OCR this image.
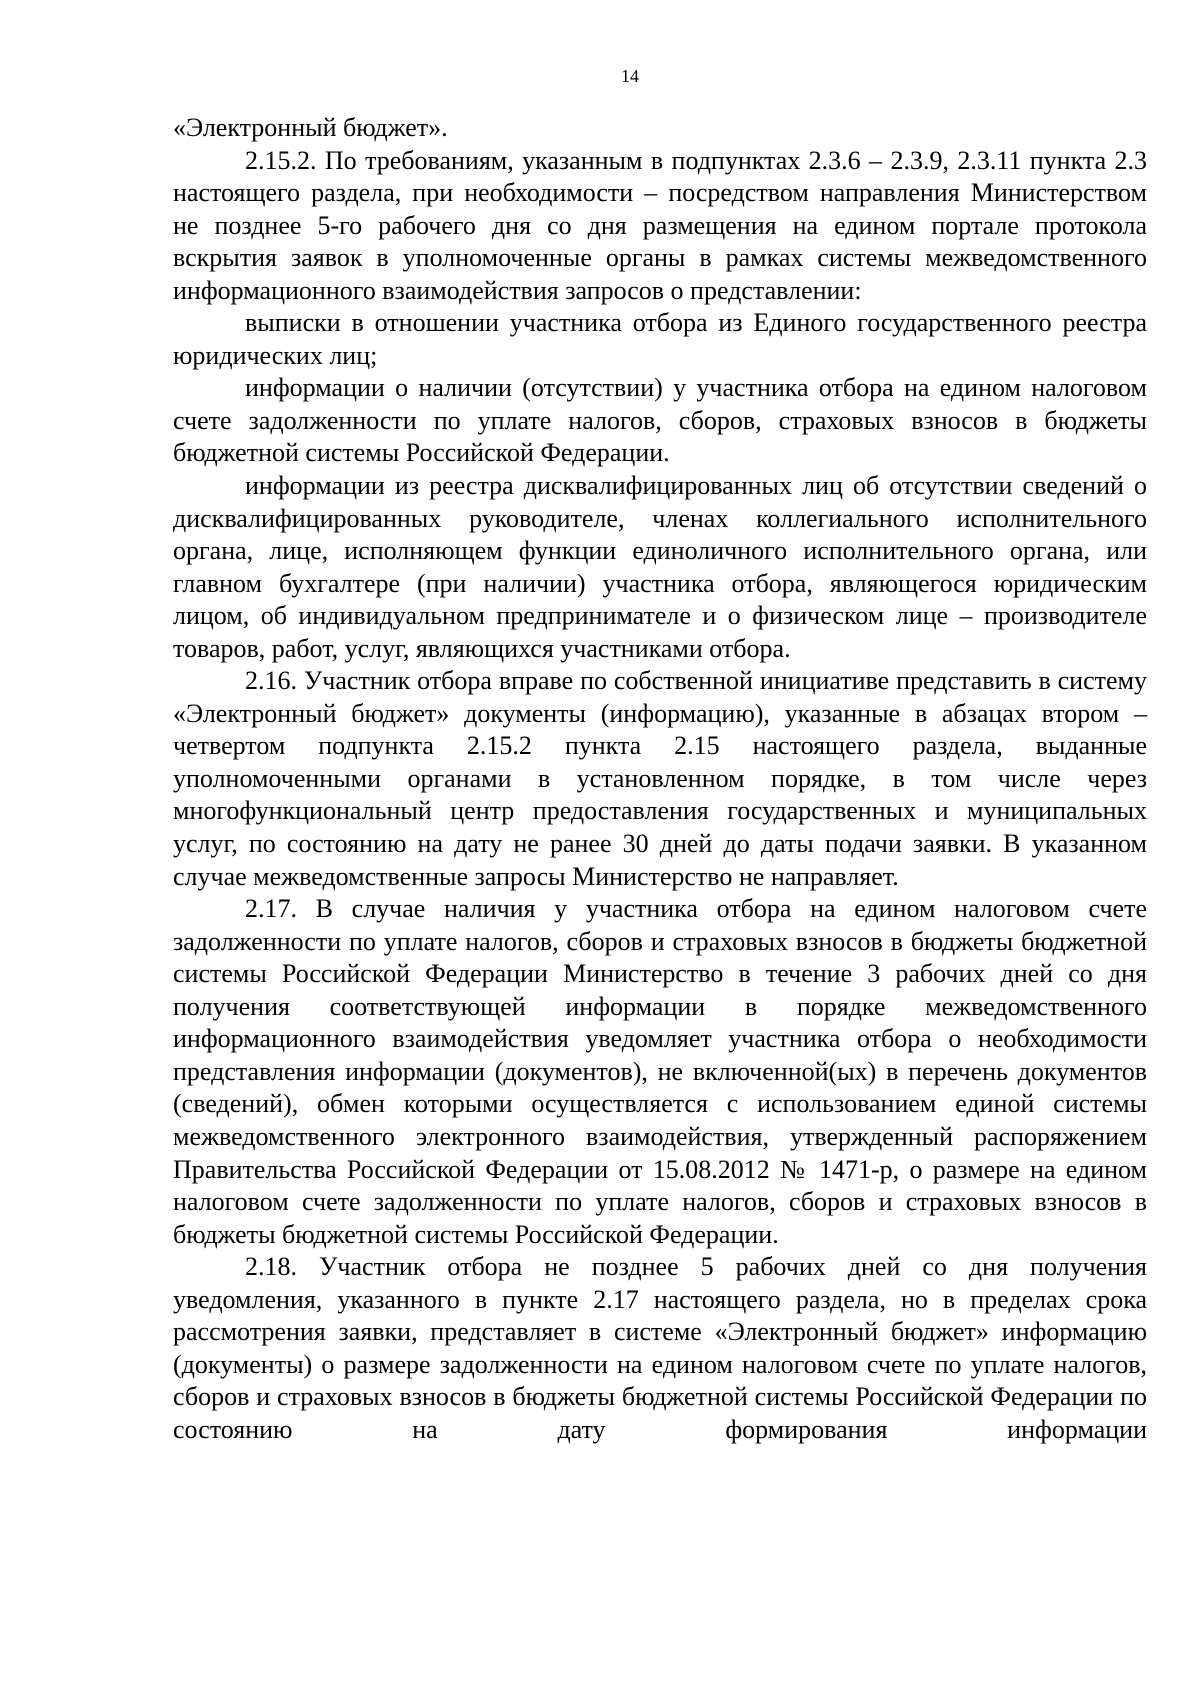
14

«Электронный бюджет».

2.15.2. По требованиям, указанным в подпунктах 2.3.6 – 2.3.9, 2.3.11 пункта 2.3 настоящего раздела, при необходимости – посредством направления Министерством не позднее 5-го рабочего дня со дня размещения на едином портале протокола вскрытия заявок в уполномоченные органы в рамках системы межведомственного информационного взаимодействия запросов о представлении:

выписки в отношении участника отбора из Единого государственного реестра юридических лиц;

информации о наличии (отсутствии) у участника отбора на едином налоговом счете задолженности по уплате налогов, сборов, страховых взносов в бюджеты бюджетной системы Российской Федерации.

информации из реестра дисквалифицированных лиц об отсутствии сведений о дисквалифицированных руководителе, членах коллегиального исполнительного органа, лице, исполняющем функции единоличного исполнительного органа, или главном бухгалтере (при наличии) участника отбора, являющегося юридическим лицом, об индивидуальном предпринимателе и о физическом лице – производителе товаров, работ, услуг, являющихся участниками отбора.

2.16. Участник отбора вправе по собственной инициативе представить в систему «Электронный бюджет» документы (информацию), указанные в абзацах втором – четвертом подпункта 2.15.2 пункта 2.15 настоящего раздела, выданные уполномоченными органами в установленном порядке, в том числе через многофункциональный центр предоставления государственных и муниципальных услуг, по состоянию на дату не ранее 30 дней до даты подачи заявки. В указанном случае межведомственные запросы Министерство не направляет.

2.17. В случае наличия у участника отбора на едином налоговом счете задолженности по уплате налогов, сборов и страховых взносов в бюджеты бюджетной системы Российской Федерации Министерство в течение 3 рабочих дней со дня получения соответствующей информации в порядке межведомственного информационного взаимодействия уведомляет участника отбора о необходимости представления информации (документов), не включенной(ых) в перечень документов (сведений), обмен которыми осуществляется с использованием единой системы межведомственного электронного взаимодействия, утвержденный распоряжением Правительства Российской Федерации от 15.08.2012 № 1471-р, о размере на едином налоговом счете задолженности по уплате налогов, сборов и страховых взносов в бюджеты бюджетной системы Российской Федерации.

2.18. Участник отбора не позднее 5 рабочих дней со дня получения уведомления, указанного в пункте 2.17 настоящего раздела, но в пределах срока рассмотрения заявки, представляет в системе «Электронный бюджет» информацию (документы) о размере задолженности на едином налоговом счете по уплате налогов, сборов и страховых взносов в бюджеты бюджетной системы Российской Федерации по состоянию на дату формирования информации
